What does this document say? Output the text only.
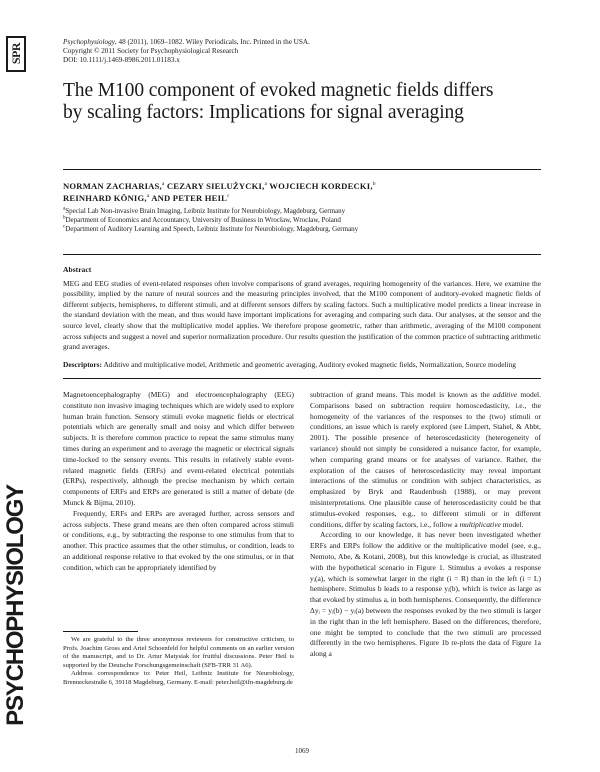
SPR
PSYCHOPHYSIOLOGY
Psychophysiology, 48 (2011), 1069–1082. Wiley Periodicals, Inc. Printed in the USA.
Copyright © 2011 Society for Psychophysiological Research
DOI: 10.1111/j.1469-8986.2011.01183.x
The M100 component of evoked magnetic fields differs
by scaling factors: Implications for signal averaging
NORMAN ZACHARIAS,$^a$ CEZARY SIELUŻYCKI,$^a$ WOJCIECH KORDECKI,$^b$
REINHARD KÖNIG,$^a$ AND PETER HEIL$^c$
$^a$Special Lab Non-invasive Brain Imaging, Leibniz Institute for Neurobiology, Magdeburg, Germany
$^b$Department of Economics and Accountancy, University of Business in Wrocław, Wrocław, Poland
$^c$Department of Auditory Learning and Speech, Leibniz Institute for Neurobiology, Magdeburg, Germany
Abstract

MEG and EEG studies of event-related responses often involve comparisons of grand averages, requiring homogeneity of the variances. Here, we examine the possibility, implied by the nature of neural sources and the measuring principles involved, that the M100 component of auditory-evoked magnetic fields of different subjects, hemispheres, to different stimuli, and at different sensors differs by scaling factors. Such a multiplicative model predicts a linear increase in the standard deviation with the mean, and thus would have important implications for averaging and comparing such data. Our analyses, at the sensor and the source level, clearly show that the multiplicative model applies. We therefore propose geometric, rather than arithmetic, averaging of the M100 component across subjects and suggest a novel and superior normalization procedure. Our results question the justification of the common practice of subtracting arithmetic grand averages.

Descriptors: Additive and multiplicative model, Arithmetic and geometric averaging, Auditory evoked magnetic fields, Normalization, Source modeling

Magnetoencephalography (MEG) and electroencephalography (EEG) constitute non invasive imaging techniques which are widely used to explore human brain function. Sensory stimuli evoke magnetic fields or electrical potentials which are generally small and noisy and which differ between subjects. It is therefore common practice to repeat the same stimulus many times during an experiment and to average the magnetic or electrical signals time-locked to the sensory events. This results in relatively stable event-related magnetic fields (ERFs) and event-related electrical potentials (ERPs), respectively, although the precise mechanism by which certain components of ERFs and ERPs are generated is still a matter of debate (de Munck & Bijma, 2010).

Frequently, ERFs and ERPs are averaged further, across sensors and across subjects. These grand means are then often compared across stimuli or conditions, e.g., by subtracting the response to one stimulus from that to another. This practice assumes that the other stimulus, or condition, leads to an additional response relative to that evoked by the one stimulus, or in that condition, which can be appropriately identified by

subtraction of grand means. This model is known as the additive model. Comparisons based on subtraction require homoscedasticity, i.e., the homogeneity of the variances of the responses to the (two) stimuli or conditions, an issue which is rarely explored (see Limpert, Stahel, & Abbt, 2001). The possible presence of heteroscedasticity (heterogeneity of variance) should not simply be considered a nuisance factor, for example, when comparing grand means or for analyses of variance. Rather, the exploration of the causes of heteroscedasticity may reveal important interactions of the stimulus or condition with subject characteristics, as emphasized by Bryk and Raudenbush (1988), or may prevent misinterpretations. One plausible cause of heteroscedasticity could be that stimulus-evoked responses, e.g., to different stimuli or in different conditions, differ by scaling factors, i.e., follow a multiplicative model.

According to our knowledge, it has never been investigated whether ERFs and ERPs follow the additive or the multiplicative model (see, e.g., Nemoto, Abe, & Kotani, 2008), but this knowledge is crucial, as illustrated with the hypothetical scenario in Figure 1. Stimulus a evokes a response yᵢ(a), which is somewhat larger in the right (i = R) than in the left (i = L) hemisphere. Stimulus b leads to a response yᵢ(b), which is twice as large as that evoked by stimulus a, in both hemispheres. Consequently, the difference Δyᵢ = yᵢ(b) − yᵢ(a) between the responses evoked by the two stimuli is larger in the right than in the left hemisphere. Based on the differences, therefore, one might be tempted to conclude that the two stimuli are processed differently in the two hemispheres. Figure 1b re-plots the data of Figure 1a along a

We are grateful to the three anonymous reviewers for constructive criticism, to Profs. Joachim Gross and Ariel Schoenfeld for helpful comments on an earlier version of the manuscript, and to Dr. Artur Matysiak for fruitful discussions. Peter Heil is supported by the Deutsche Forschungsgemeinschaft (SFB-TRR 31 A6).

Address correspondence to: Peter Heil, Leibniz Institute for Neurobiology, Brenneckestraße 6, 39118 Magdeburg, Germany. E-mail: peter.heil@ifn-magdeburg.de

1069
